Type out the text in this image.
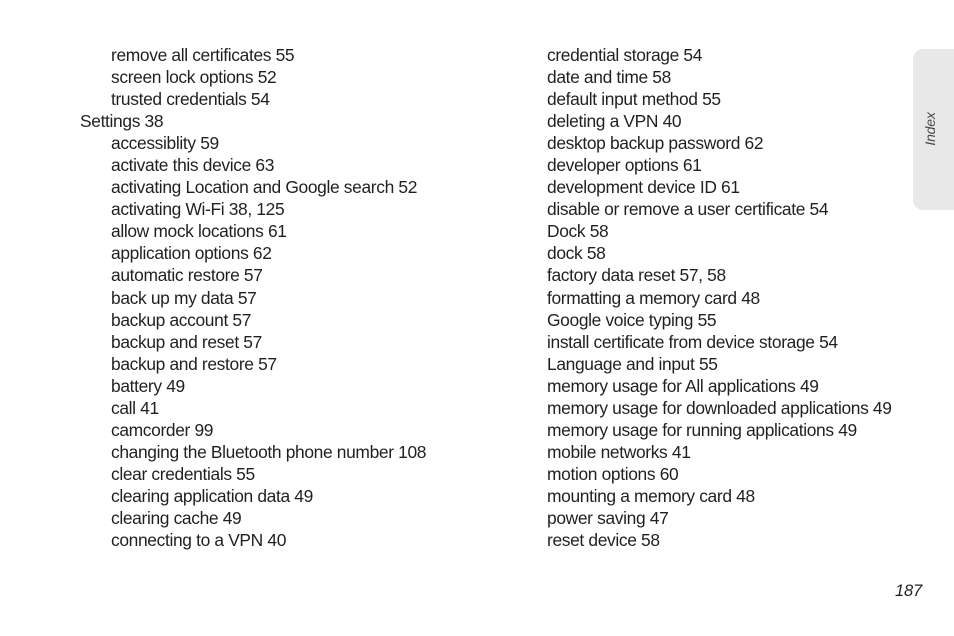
Index
remove all certificates 55
screen lock options 52
trusted credentials 54
Settings 38
accessiblity 59
activate this device 63
activating Location and Google search 52
activating Wi-Fi 38, 125
allow mock locations 61
application options 62
automatic restore 57
back up my data 57
backup account 57
backup and reset 57
backup and restore 57
battery 49
call 41
camcorder 99
changing the Bluetooth phone number 108
clear credentials 55
clearing application data 49
clearing cache 49
connecting to a VPN 40
credential storage 54
date and time 58
default input method 55
deleting a VPN 40
desktop backup password 62
developer options 61
development device ID 61
disable or remove a user certificate 54
Dock 58
dock 58
factory data reset 57, 58
formatting a memory card 48
Google voice typing 55
install certificate from device storage 54
Language and input 55
memory usage for All applications 49
memory usage for downloaded applications 49
memory usage for running applications 49
mobile networks 41
motion options 60
mounting a memory card 48
power saving 47
reset device 58
187
